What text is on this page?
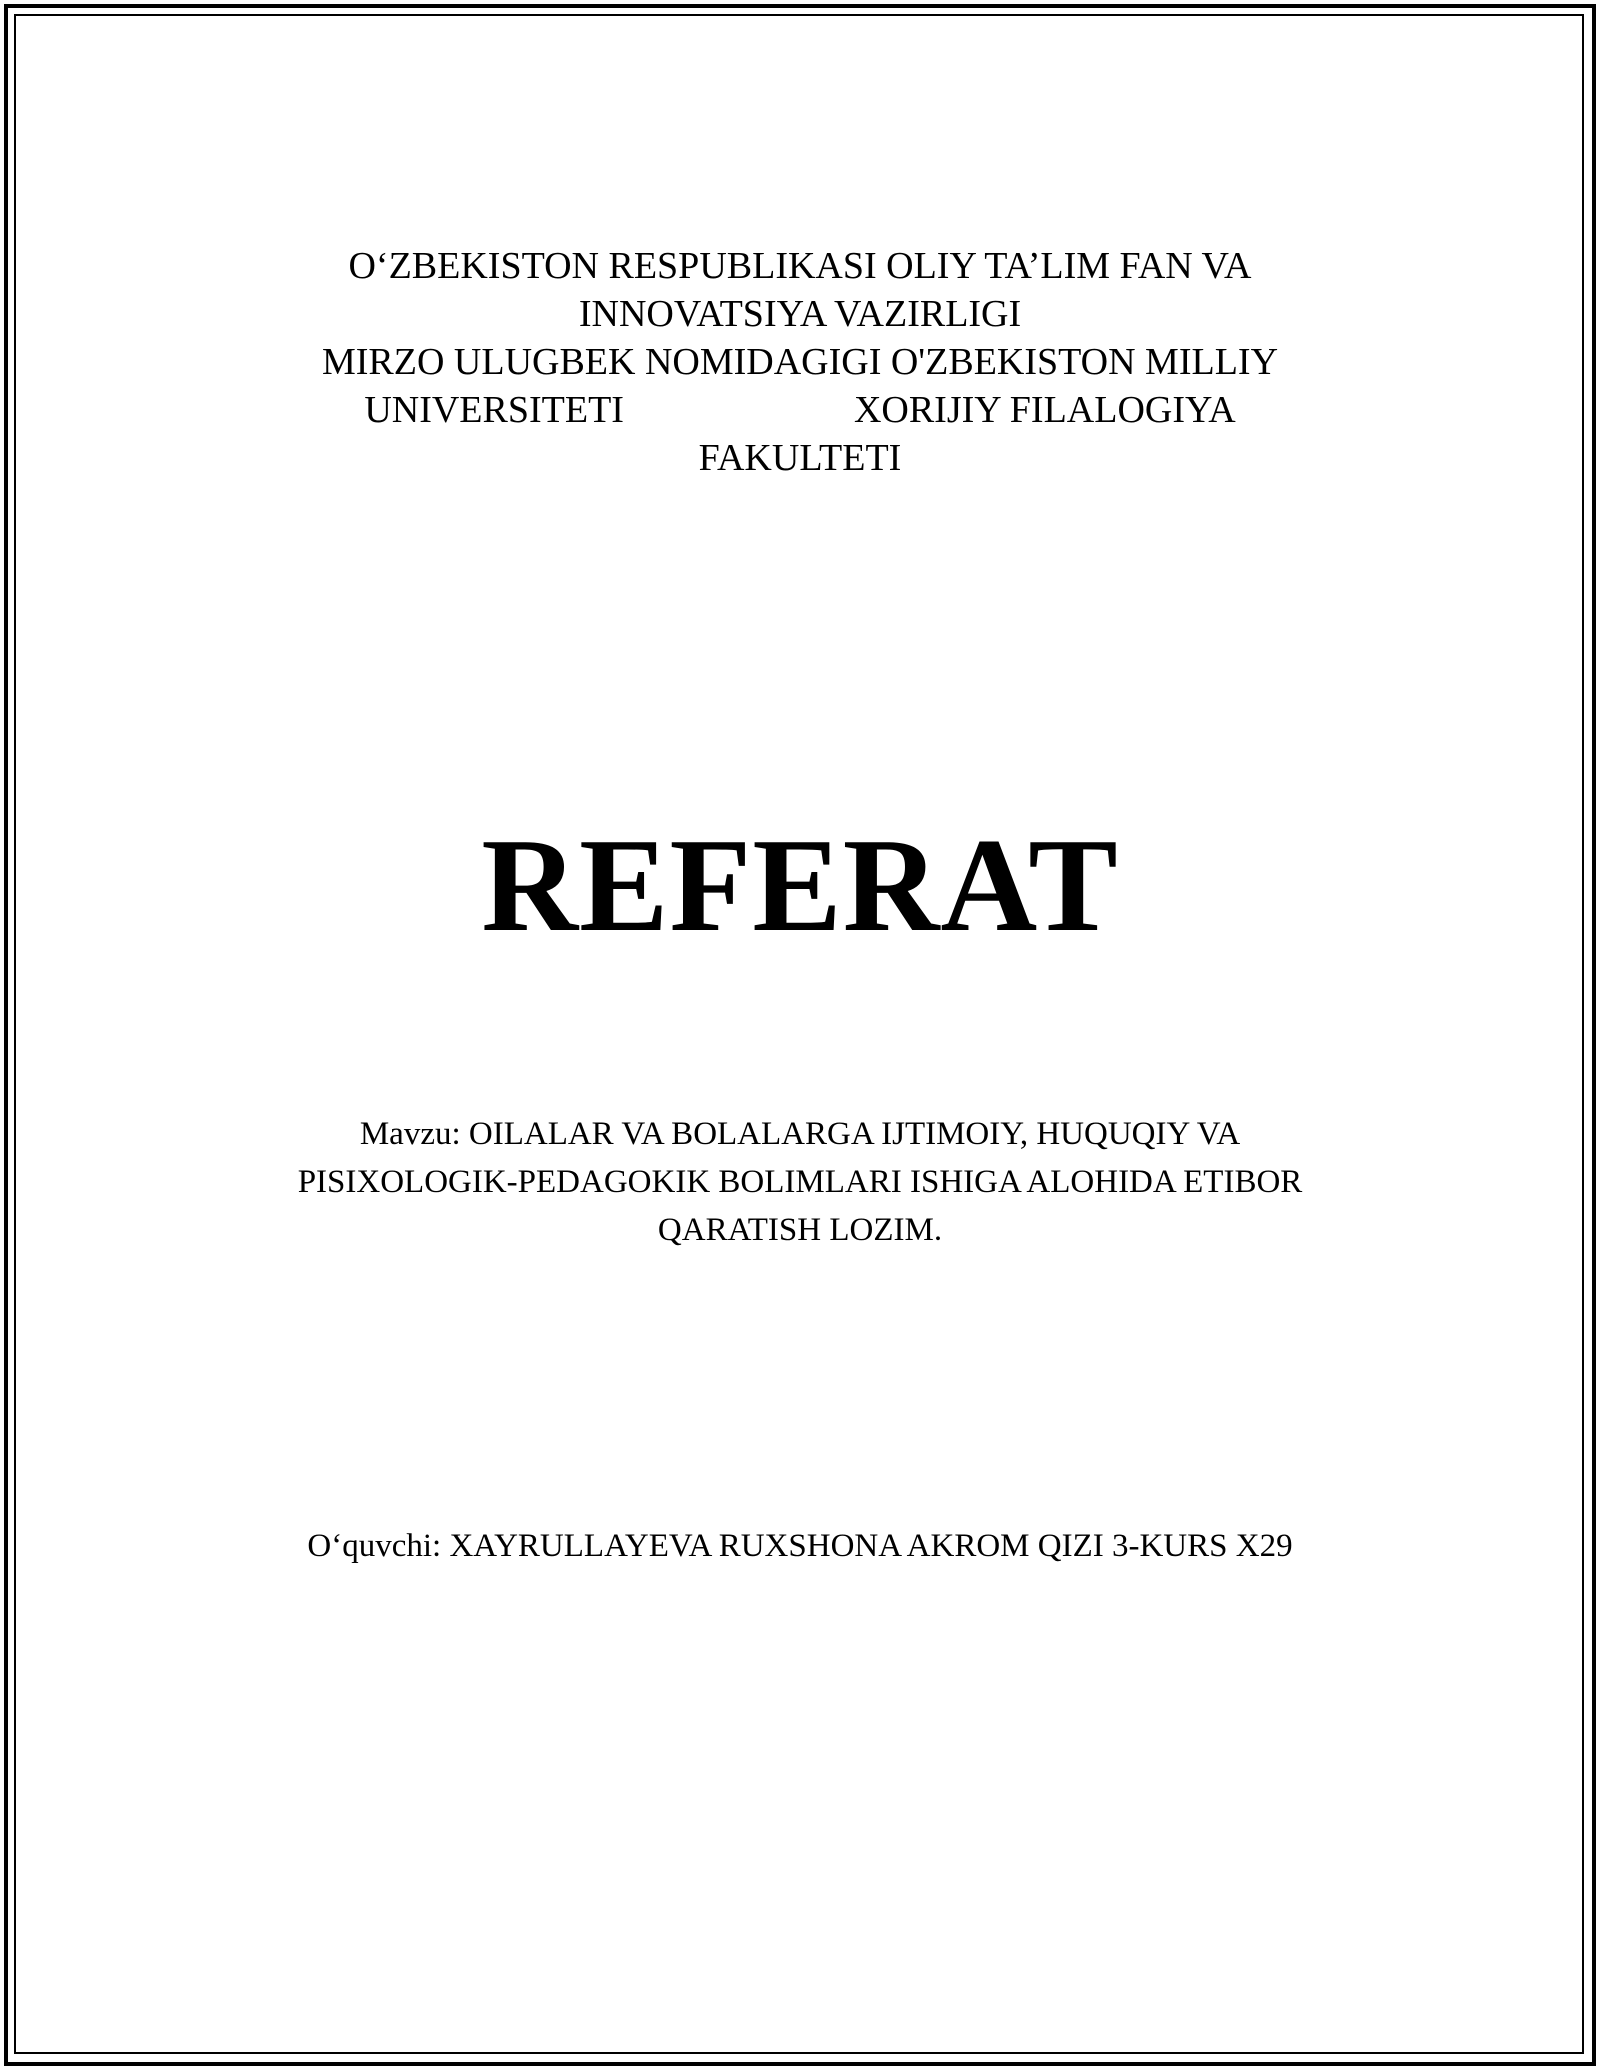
O‘ZBEKISTON RESPUBLIKASI OLIY TA’LIM FAN VA
INNOVATSIYA VAZIRLIGI
MIRZO ULUGBEK NOMIDAGIGI O'ZBEKISTON MILLIY
UNIVERSITETI	XORIJIY FILALOGIYA
FAKULTETI
REFERAT
Mavzu: OILALAR VA BOLALARGA IJTIMOIY, HUQUQIY VA
PISIXOLOGIK-PEDAGOKIK BOLIMLARI ISHIGA ALOHIDA ETIBOR
QARATISH LOZIM.
O‘quvchi: XAYRULLAYEVA RUXSHONA AKROM QIZI 3-KURS X29
